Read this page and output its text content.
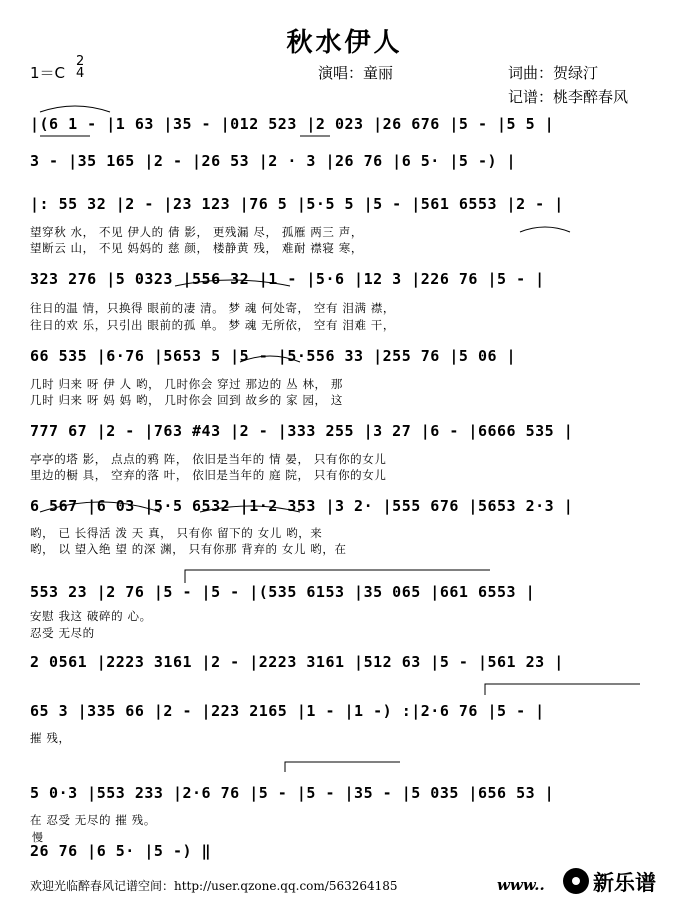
秋水伊人
1＝C
2
4	演唱：童丽	词曲：贺绿汀
记谱：桃李醉春风
|(6 1 - |1 63 |35 - |012 523 |2 023 |26 676 |5 - |5 5 |
3 - |35 165 |2 - |26 53 |2 · 3 |26 76 |6 5· |5 -) |
|: 55 32 |2 - |23 123 |76 5 |5·5 5 |5 - |561 6553 |2 - |
望穿秋 水， 不见 伊人的 倩 影， 更残漏 尽， 孤雁 两三 声，
望断云 山， 不见 妈妈的 慈 颜， 楼静黄 残， 难耐 襟寝 寒，
323 276 |5 0323 |556 32 |1 - |5·6 |12 3 |226 76 |5 - |
往日的温 情，只换得 眼前的凄 清。 梦 魂 何处寄， 空有 泪满 襟，
往日的欢 乐，只引出 眼前的孤 单。 梦 魂 无所依， 空有 泪难 干，
66 535 |6·76 |5653 5 |5 - |5·556 33 |255 76 |5 06 |
几时 归来 呀 伊 人 哟， 几时你会 穿过 那边的 丛 林， 那
几时 归来 呀 妈 妈 哟， 几时你会 回到 故乡的 家 园， 这
777 67 |2 - |763 #43 |2 - |333 255 |3 27 |6 - |6666 535 |
亭亭的塔 影， 点点的鸦 阵， 依旧是当年的 情 晏， 只有你的女儿
里边的橱 具， 空弃的落 叶， 依旧是当年的 庭 院， 只有你的女儿
6 567 |6 03 |5·5 6532 |1·2 353 |3 2· |555 676 |5653 2·3 |
哟， 已 长得活 泼 天 真， 只有你 留下的 女儿 哟，来
哟， 以 望入绝 望 的深 渊， 只有你那 背弃的 女儿 哟，在
553 23 |2 76 |5 - |5 - |(535 6153 |35 065 |661 6553 |
安慰 我这 破碎的 心。
忍受 无尽的
2 0561 |2223 3161 |2 - |2223 3161 |512 63 |5 - |561 23 |
65 3 |335 66 |2 - |223 2165 |1 - |1 -) :|2·6 76 |5 - |
摧 残，
5 0·3 |553 233 |2·6 76 |5 - |5 - |35 - |5 035 |656 53 |
在 忍受 无尽的 摧 残。
慢
26 76 |6 5· |5 -) ‖
欢迎光临醉春风记谱空间：http://user.qzone.qq.com/563264185	www.. 新乐谱
